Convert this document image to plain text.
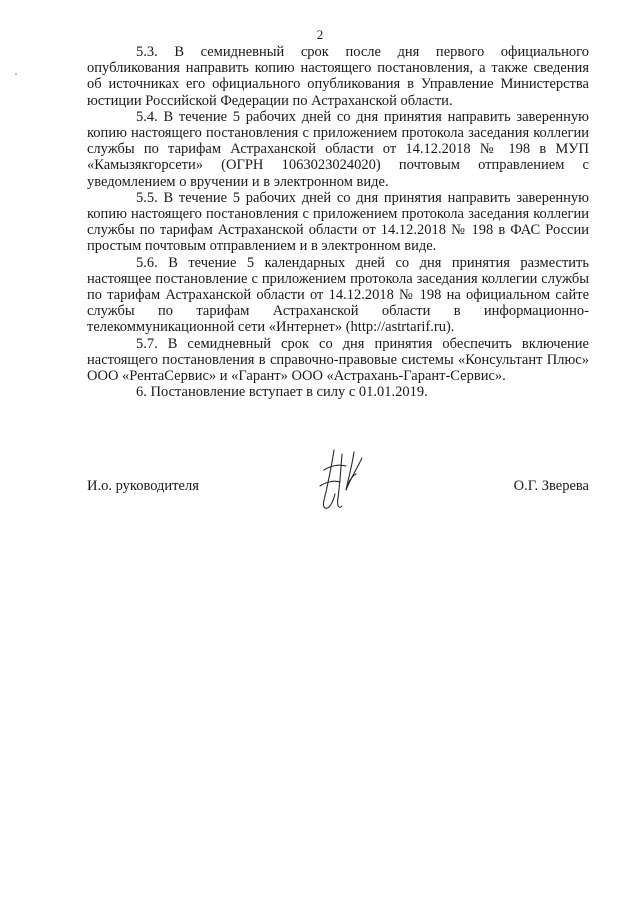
2

5.3. В семидневный срок после дня первого официального опубликования направить копию настоящего постановления, а также сведения об источниках его официального опубликования в Управление Министерства юстиции Российской Федерации по Астраханской области.

5.4. В течение 5 рабочих дней со дня принятия направить заверенную копию настоящего постановления с приложением протокола заседания коллегии службы по тарифам Астраханской области от 14.12.2018 № 198 в МУП «Камызякгорсети» (ОГРН 1063023024020) почтовым отправлением с уведомлением о вручении и в электронном виде.

5.5. В течение 5 рабочих дней со дня принятия направить заверенную копию настоящего постановления с приложением протокола заседания коллегии службы по тарифам Астраханской области от 14.12.2018 № 198 в ФАС России простым почтовым отправлением и в электронном виде.

5.6. В течение 5 календарных дней со дня принятия разместить настоящее постановление с приложением протокола заседания коллегии службы по тарифам Астраханской области от 14.12.2018 № 198 на официальном сайте службы по тарифам Астраханской области в информационно-телекоммуникационной сети «Интернет» (http://astrtarif.ru).

5.7. В семидневный срок со дня принятия обеспечить включение настоящего постановления в справочно-правовые системы «Консультант Плюс» ООО «РентаСервис» и «Гарант» ООО «Астрахань-Гарант-Сервис».

6. Постановление вступает в силу с 01.01.2019.

И.о. руководителя	О.Г. Зверева
